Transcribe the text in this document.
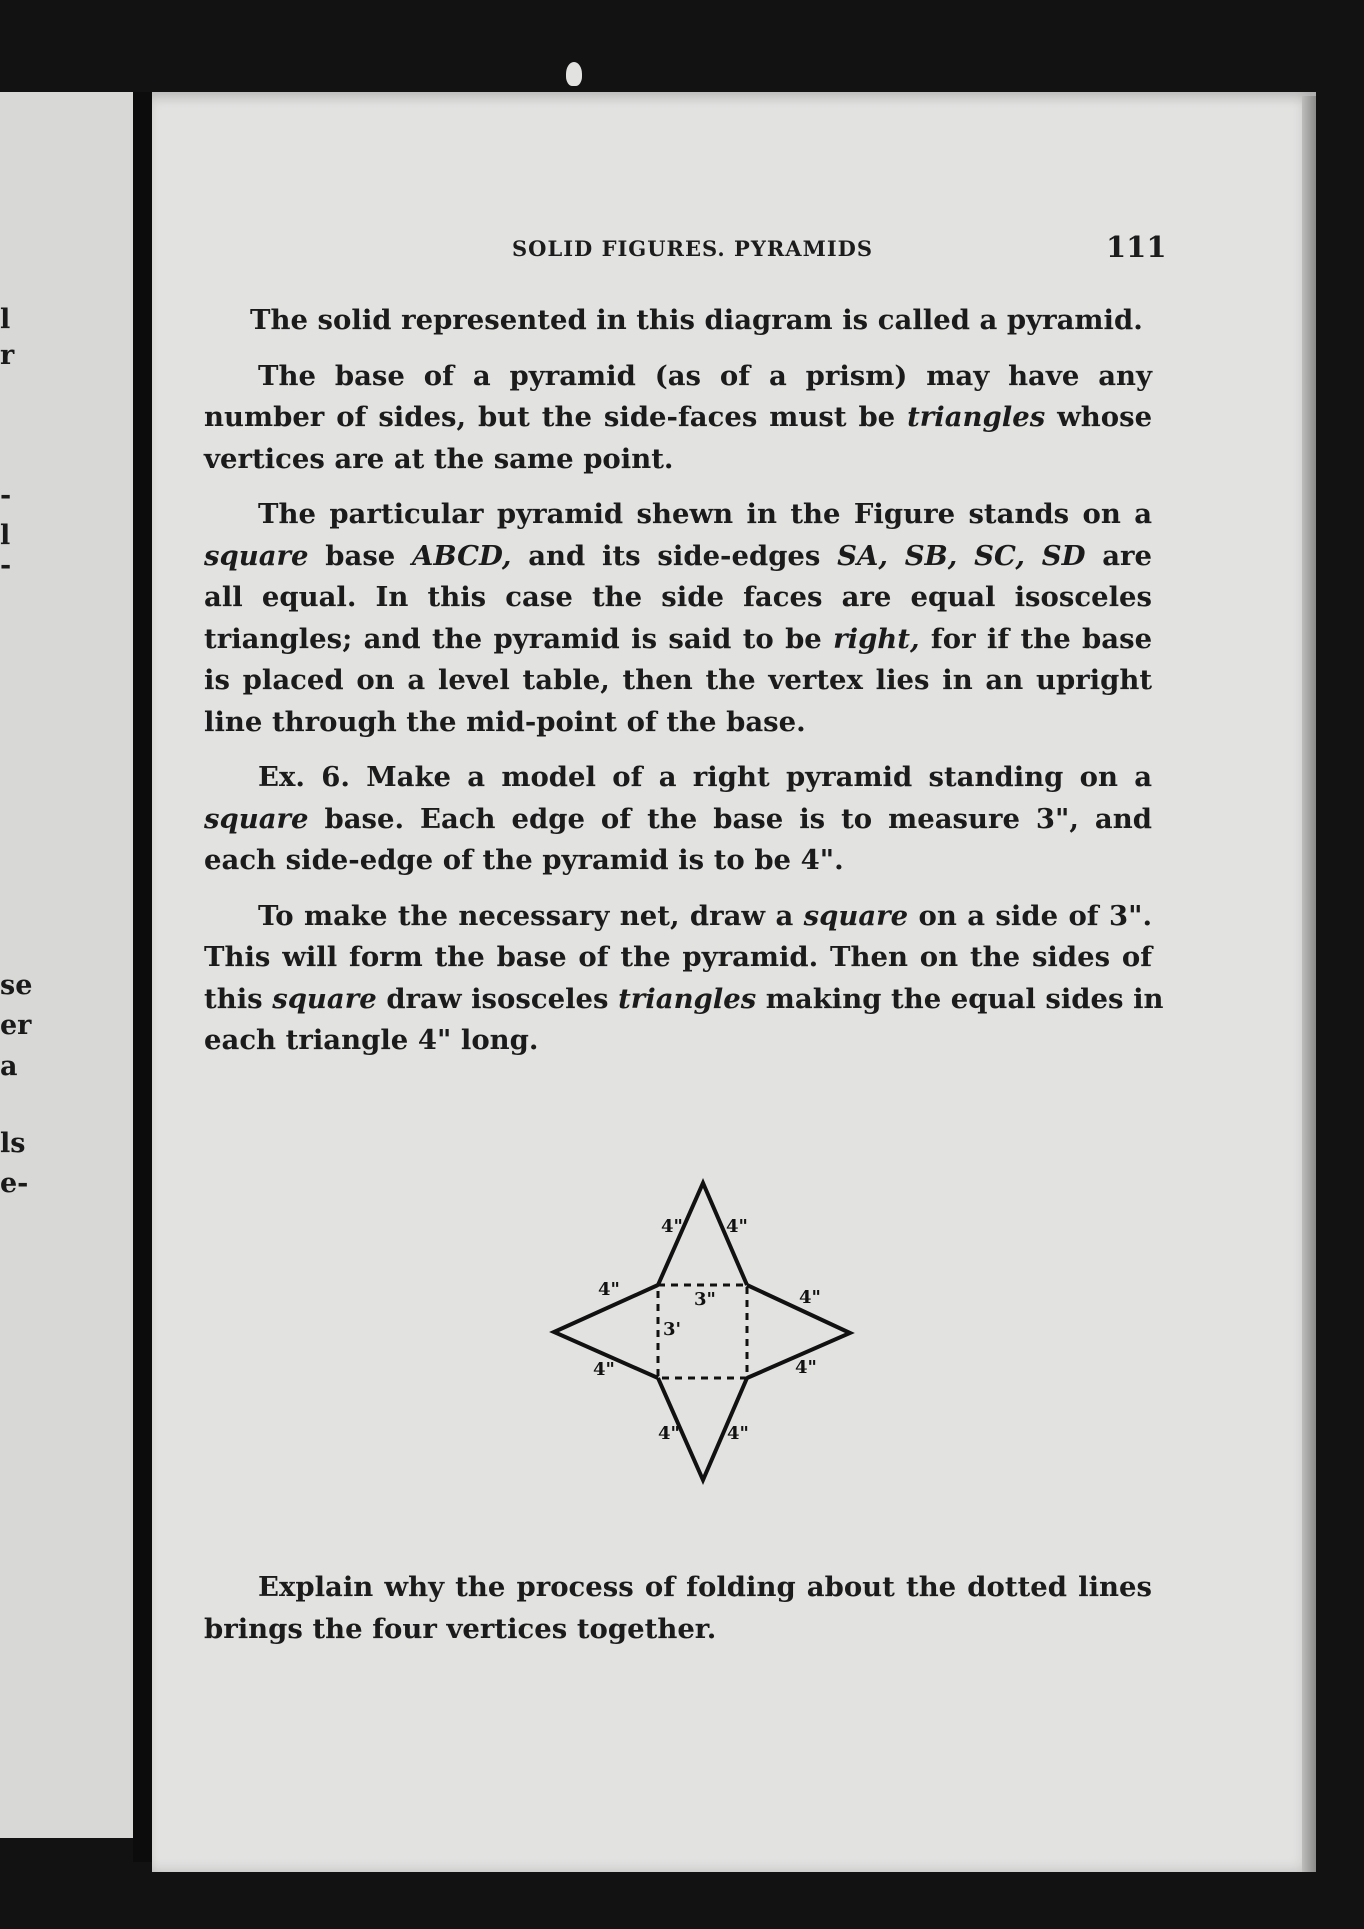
l
r
-
l
-
se
er
a
ls
e-
SOLID FIGURES. PYRAMIDS	111

The solid represented in this diagram is called a pyramid.

The base of a pyramid (as of a prism) may have any
number of sides, but the side-faces must be triangles whose
vertices are at the same point.

The particular pyramid shewn in the Figure stands on a
square base ABCD, and its side-edges SA, SB, SC, SD are
all equal. In this case the side faces are equal isosceles
triangles; and the pyramid is said to be right, for if the base
is placed on a level table, then the vertex lies in an upright
line through the mid-point of the base.

Ex. 6. Make a model of a right pyramid standing on a
square base. Each edge of the base is to measure 3", and
each side-edge of the pyramid is to be 4".

To make the necessary net, draw a square on a side of 3".
This will form the base of the pyramid. Then on the sides of
this square draw isosceles triangles making the equal sides in
each triangle 4" long.

4" 4"
4"	4"
4"	4"
4"	4"
3"
3'

Explain why the process of folding about the dotted lines
brings the four vertices together.
